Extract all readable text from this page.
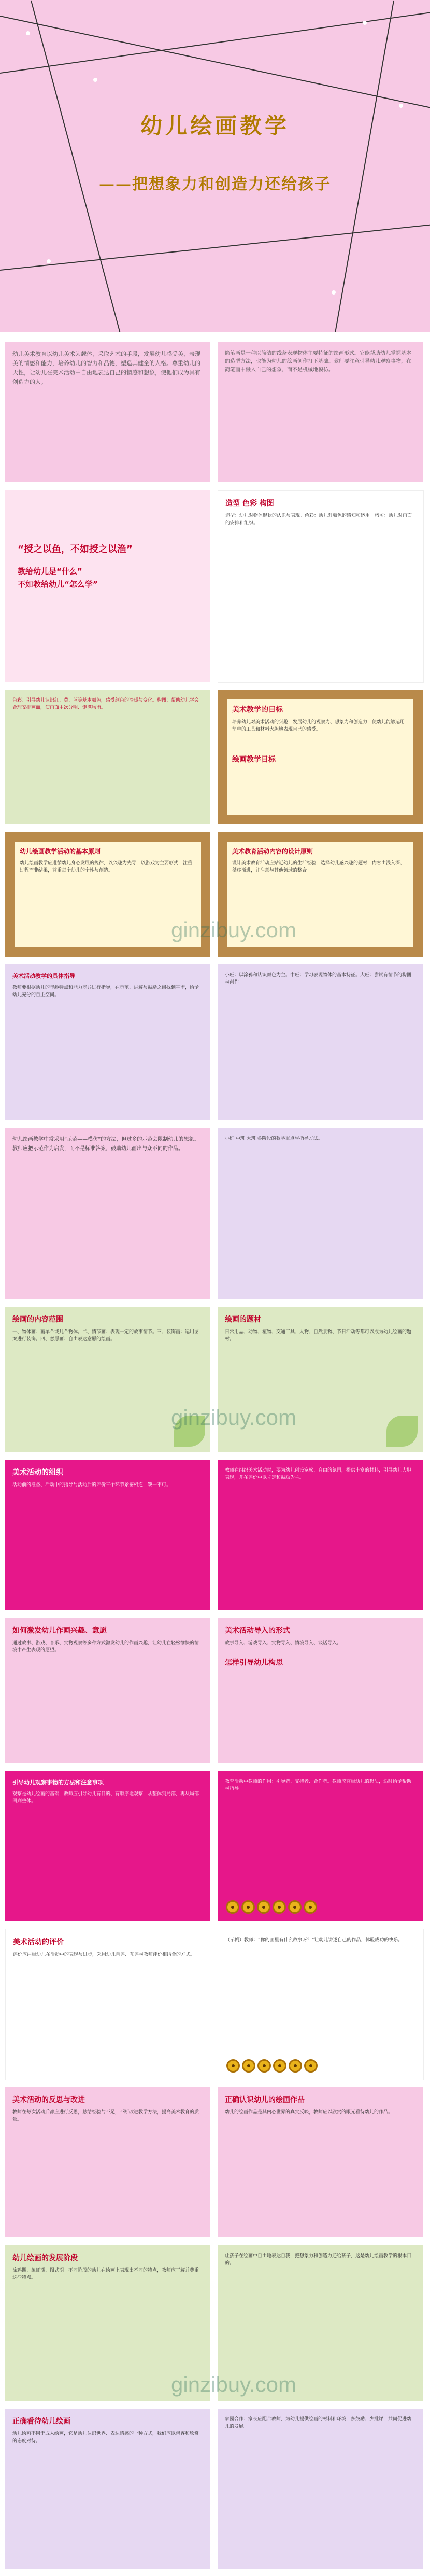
幼儿绘画教学
——把想象力和创造力还给孩子

幼儿美术教育以幼儿美术为载体，采取艺术的手段，发展幼儿感受美、表现美的情感和能力，培养幼儿的智力和品德，塑造其健全的人格。尊重幼儿的天性，让幼儿在美术活动中自由地表达自己的情感和想象，使他们成为具有创造力的人。

简笔画是一种以简洁的线条表现物体主要特征的绘画形式。它能帮助幼儿掌握基本的造型方法，也能为幼儿的绘画创作打下基础。教师要注意引导幼儿观察事物，在简笔画中融入自己的想象，而不是机械地模仿。

“授之以鱼，不如授之以渔”
教给幼儿是“什么”
不如教给幼儿“怎么学”
造型 色彩 构图

造型：幼儿对物体形状的认识与表现。色彩：幼儿对颜色的感知和运用。构图：幼儿对画面的安排和组织。

色彩：引导幼儿认识红、黄、蓝等基本颜色，感受颜色的冷暖与变化。构图：帮助幼儿学会合理安排画面，使画面主次分明、饱满均衡。	美术教学的目标

培养幼儿对美术活动的兴趣，发展幼儿的观察力、想象力和创造力，使幼儿能够运用简单的工具和材料大胆地表现自己的感受。

绘画教学目标
幼儿绘画教学活动的基本原则

幼儿绘画教学应遵循幼儿身心发展的规律，以兴趣为先导，以游戏为主要形式，注重过程而非结果，尊重每个幼儿的个性与创造。

美术教育活动内容的设计原则

设计美术教育活动应贴近幼儿的生活经验，选择幼儿感兴趣的题材，内容由浅入深、循序渐进，并注意与其他领域的整合。

ginzibuy.com
美术活动教学的具体指导

教师要根据幼儿的年龄特点和能力差异进行指导，在示范、讲解与鼓励之间找到平衡，给予幼儿充分的自主空间。

小班：以涂鸦和认识颜色为主。中班：学习表现物体的基本特征。大班：尝试有情节的构图与创作。

幼儿绘画教学中常采用“示范——模仿”的方法，但过多的示范会限制幼儿的想象。教师应把示范作为启发，而不是标准答案，鼓励幼儿画出与众不同的作品。

小班 中班 大班 各阶段的教学重点与指导方法。

绘画的内容范围

一、物体画：画单个或几个物体。二、情节画：表现一定的故事情节。三、装饰画：运用图案进行装饰。四、意愿画：自由表达意愿的绘画。

绘画的题材

日常用品、动物、植物、交通工具、人物、自然景物、节日活动等都可以成为幼儿绘画的题材。

ginzibuy.com
美术活动的组织

活动前的准备、活动中的指导与活动后的评价三个环节紧密相连，缺一不可。

教师在组织美术活动时，要为幼儿创设宽松、自由的氛围，提供丰富的材料，引导幼儿大胆表现，并在评价中以肯定和鼓励为主。

如何激发幼儿作画兴趣、意愿

通过故事、游戏、音乐、实物观察等多种方式激发幼儿的作画兴趣，让幼儿在轻松愉快的情境中产生表现的愿望。

美术活动导入的形式

故事导入、游戏导入、实物导入、情境导入、谈话导入。

怎样引导幼儿构思
引导幼儿观察事物的方法和注意事项

观察是幼儿绘画的基础，教师应引导幼儿有目的、有顺序地观察，从整体到局部，再从局部回到整体。

教育活动中教师的作用：引导者、支持者、合作者。教师应尊重幼儿的想法，适时给予帮助与指导。

美术活动的评价

评价应注重幼儿在活动中的表现与进步，采用幼儿自评、互评与教师评价相结合的方式。

（示例）教师：“你的画里有什么故事呀？”让幼儿讲述自己的作品，体验成功的快乐。

美术活动的反思与改进

教师在每次活动后都应进行反思，总结经验与不足，不断改进教学方法，提高美术教育的质量。

正确认识幼儿的绘画作品

幼儿的绘画作品是其内心世界的真实反映，教师应以欣赏的眼光看待幼儿的作品。

幼儿绘画的发展阶段

涂鸦期、象征期、图式期。不同阶段的幼儿在绘画上表现出不同的特点，教师应了解并尊重这些特点。

让孩子在绘画中自由地表达自我，把想象力和创造力还给孩子，这是幼儿绘画教学的根本目的。

ginzibuy.com
正确看待幼儿绘画

幼儿绘画不同于成人绘画，它是幼儿认识世界、表达情感的一种方式，我们应以包容和欣赏的态度对待。

家园合作：家长应配合教师，为幼儿提供绘画的材料和环境，多鼓励、少批评，共同促进幼儿的发展。
